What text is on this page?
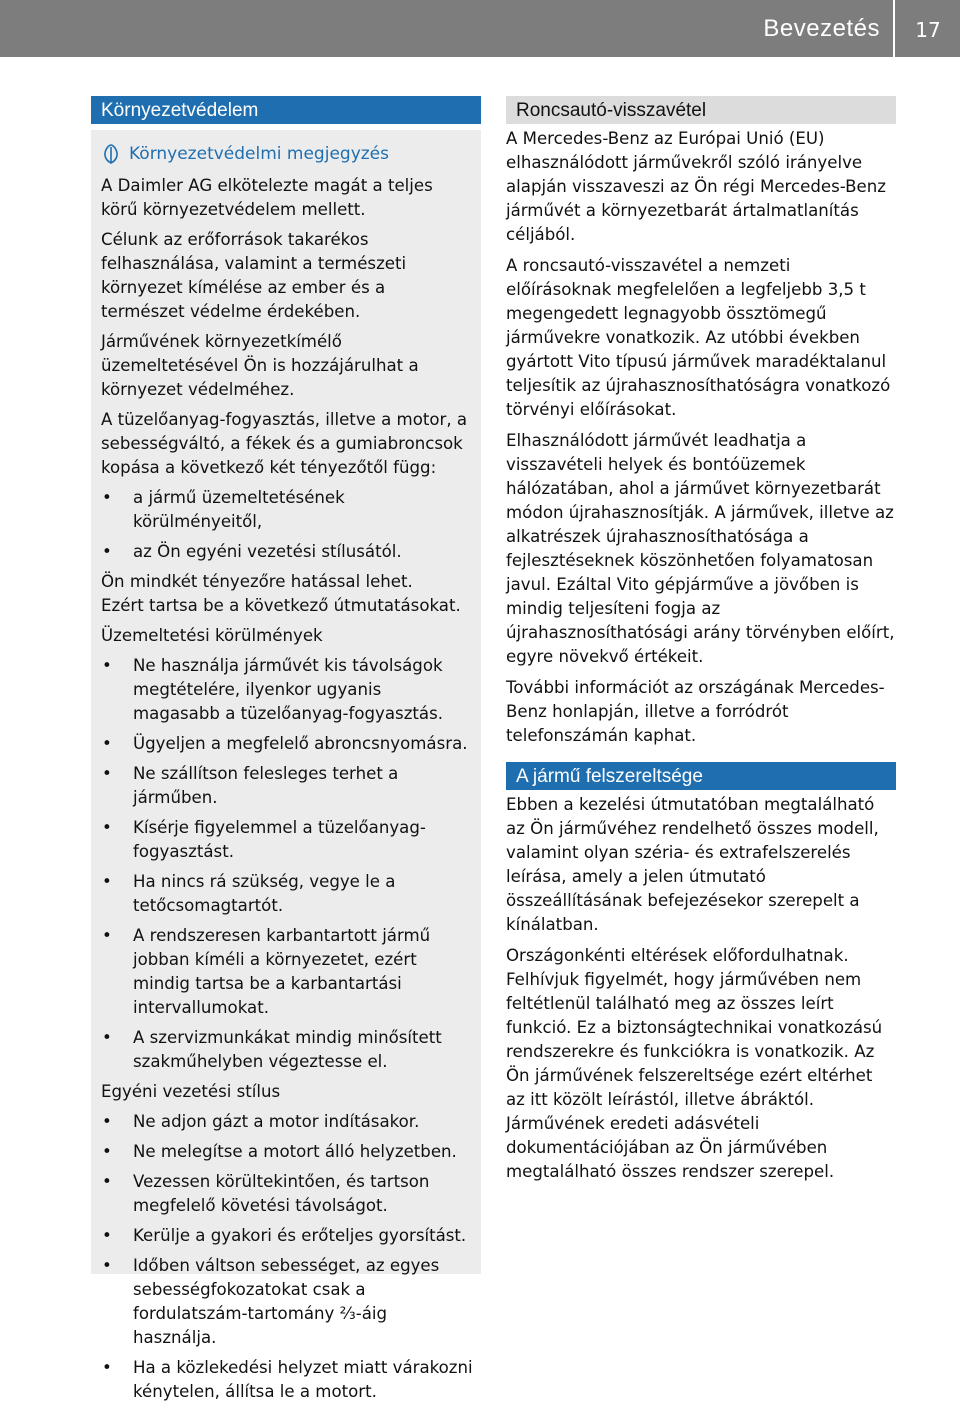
Bevezetés	17
Környezetvédelem
Környezetvédelmi megjegyzés

A Daimler AG elkötelezte magát a teljes körű környezetvédelem mellett.

Célunk az erőforrások takarékos felhasználása, valamint a természeti környezet kímélése az ember és a természet védelme érdekében.

Járművének környezetkímélő üzemeltetésével Ön is hozzájárulhat a környezet védelméhez.

A tüzelőanyag-fogyasztás, illetve a motor, a sebességváltó, a fékek és a gumiabroncsok kopása a következő két tényezőtől függ:

• a jármű üzemeltetésének körülményeitől,
• az Ön egyéni vezetési stílusától.

Ön mindkét tényezőre hatással lehet.
Ezért tartsa be a következő útmutatásokat.

Üzemeltetési körülmények

• Ne használja járművét kis távolságok megtételére, ilyenkor ugyanis magasabb a tüzelőanyag-fogyasztás.
• Ügyeljen a megfelelő abroncsnyomásra.
• Ne szállítson felesleges terhet a járműben.
• Kísérje figyelemmel a tüzelőanyag-fogyasztást.
• Ha nincs rá szükség, vegye le a tetőcsomagtartót.
• A rendszeresen karbantartott jármű jobban kíméli a környezetet, ezért mindig tartsa be a karbantartási intervallumokat.
• A szervizmunkákat mindig minősített szakműhelyben végeztesse el.

Egyéni vezetési stílus

• Ne adjon gázt a motor indításakor.
• Ne melegítse a motort álló helyzetben.
• Vezessen körültekintően, és tartson megfelelő követési távolságot.
• Kerülje a gyakori és erőteljes gyorsítást.
• Időben váltson sebességet, az egyes sebességfokozatokat csak a fordulatszám-tartomány ⅔-áig használja.
• Ha a közlekedési helyzet miatt várakozni kénytelen, állítsa le a motort.
Roncsautó-visszavétel

A Mercedes-Benz az Európai Unió (EU) elhasználódott járművekről szóló irányelve alapján visszaveszi az Ön régi Mercedes-Benz járművét a környezetbarát ártalmatlanítás céljából.

A roncsautó-visszavétel a nemzeti előírásoknak megfelelően a legfeljebb 3,5 t megengedett legnagyobb össztömegű járművekre vonatkozik. Az utóbbi években gyártott Vito típusú járművek maradéktalanul teljesítik az újrahasznosíthatóságra vonatkozó törvényi előírásokat.

Elhasználódott járművét leadhatja a visszavételi helyek és bontóüzemek hálózatában, ahol a járművet környezetbarát módon újrahasznosítják. A járművek, illetve az alkatrészek újrahasznosíthatósága a fejlesztéseknek köszönhetően folyamatosan javul. Ezáltal Vito gépjárműve a jövőben is mindig teljesíteni fogja az újrahasznosíthatósági arány törvényben előírt, egyre növekvő értékeit.

További információt az országának Mercedes-Benz honlapján, illetve a forródrót telefonszámán kaphat.

A jármű felszereltsége

Ebben a kezelési útmutatóban megtalálható az Ön járművéhez rendelhető összes modell, valamint olyan széria- és extrafelszerelés leírása, amely a jelen útmutató összeállításának befejezésekor szerepelt a kínálatban.

Országonkénti eltérések előfordulhatnak. Felhívjuk figyelmét, hogy járművében nem feltétlenül található meg az összes leírt funkció. Ez a biztonságtechnikai vonatkozású rendszerekre és funkciókra is vonatkozik. Az Ön járművének felszereltsége ezért eltérhet az itt közölt leírástól, illetve ábráktól. Járművének eredeti adásvételi dokumentációjában az Ön járművében megtalálható összes rendszer szerepel.
